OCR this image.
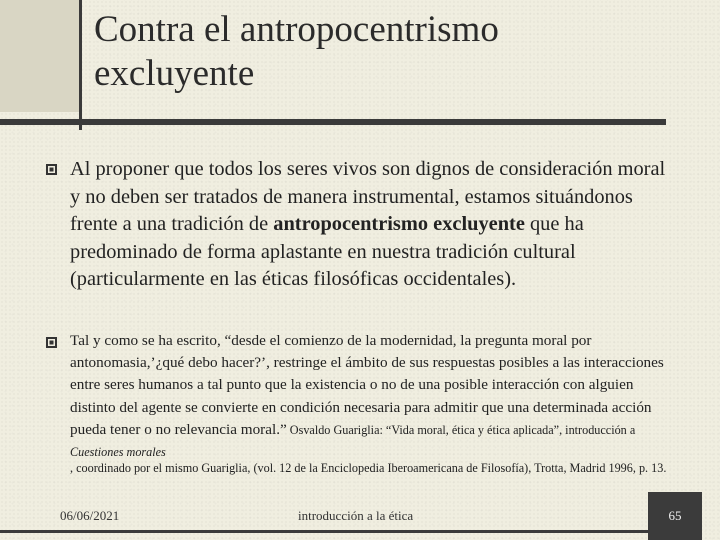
Contra el antropocentrismo excluyente

Al proponer que todos los seres vivos son dignos de consideración moral y no deben ser tratados de manera instrumental, estamos situándonos frente a una tradición de antropocentrismo excluyente que ha predominado de forma aplastante en nuestra tradición cultural (particularmente en las éticas filosóficas occidentales).

Tal y como se ha escrito, “desde el comienzo de la modernidad, la pregunta moral por antonomasia,’¿qué debo hacer?’, restringe el ámbito de sus respuestas posibles a las interacciones entre seres humanos a tal punto que la existencia o no de una posible interacción con alguien distinto del agente se convierte en condición necesaria para admitir que una determinada acción pueda tener o no relevancia moral.” Osvaldo Guariglia: “Vida moral, ética y ética aplicada”, introducción a Cuestiones morales

, coordinado por el mismo Guariglia, (vol. 12 de la Enciclopedia Iberoamericana de Filosofía), Trotta, Madrid 1996, p. 13.

06/06/2021	introducción a la ética	65
